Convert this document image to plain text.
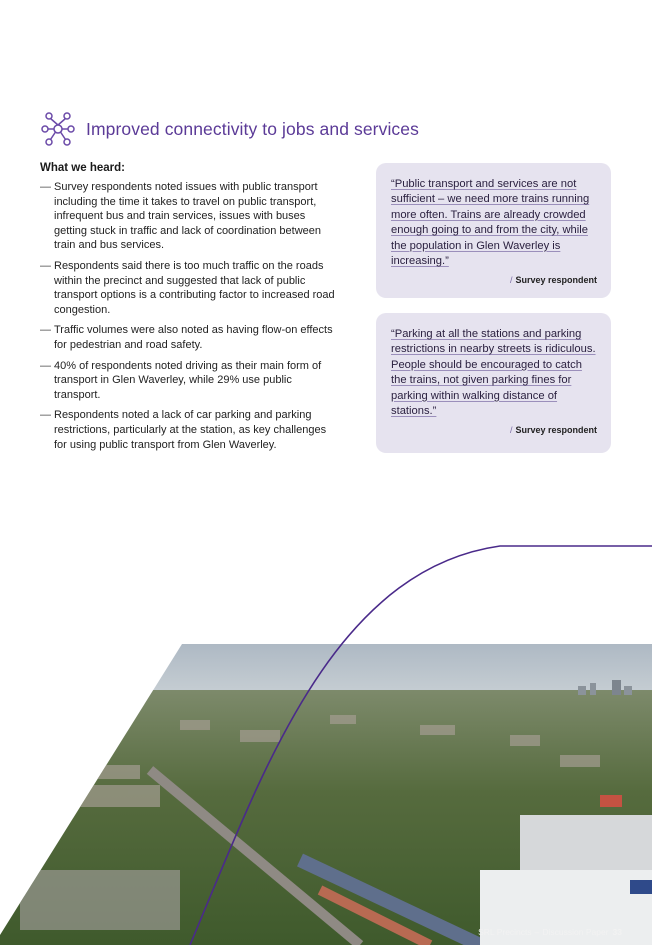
Improved connectivity to jobs and services

What we heard:

— Survey respondents noted issues with public transport including the time it takes to travel on public transport, infrequent bus and train services, issues with buses getting stuck in traffic and lack of coordination between train and bus services.
— Respondents said there is too much traffic on the roads within the precinct and suggested that lack of public transport options is a contributing factor to increased road congestion.
— Traffic volumes were also noted as having flow-on effects for pedestrian and road safety.
— 40% of respondents noted driving as their main form of transport in Glen Waverley, while 29% use public transport.
— Respondents noted a lack of car parking and parking restrictions, particularly at the station, as key challenges for using public transport from Glen Waverley.
“Public transport and services are not sufficient – we need more trains running more often. Trains are already crowded enough going to and from the city, while the population in Glen Waverley is increasing.”
/ Survey respondent
“Parking at all the stations and parking restrictions in nearby streets is ridiculous. People should be encouraged to catch the trains, not given parking fines for parking within walking distance of stations.”
/ Survey respondent
SRL Precincts – Discussion Paper 33
